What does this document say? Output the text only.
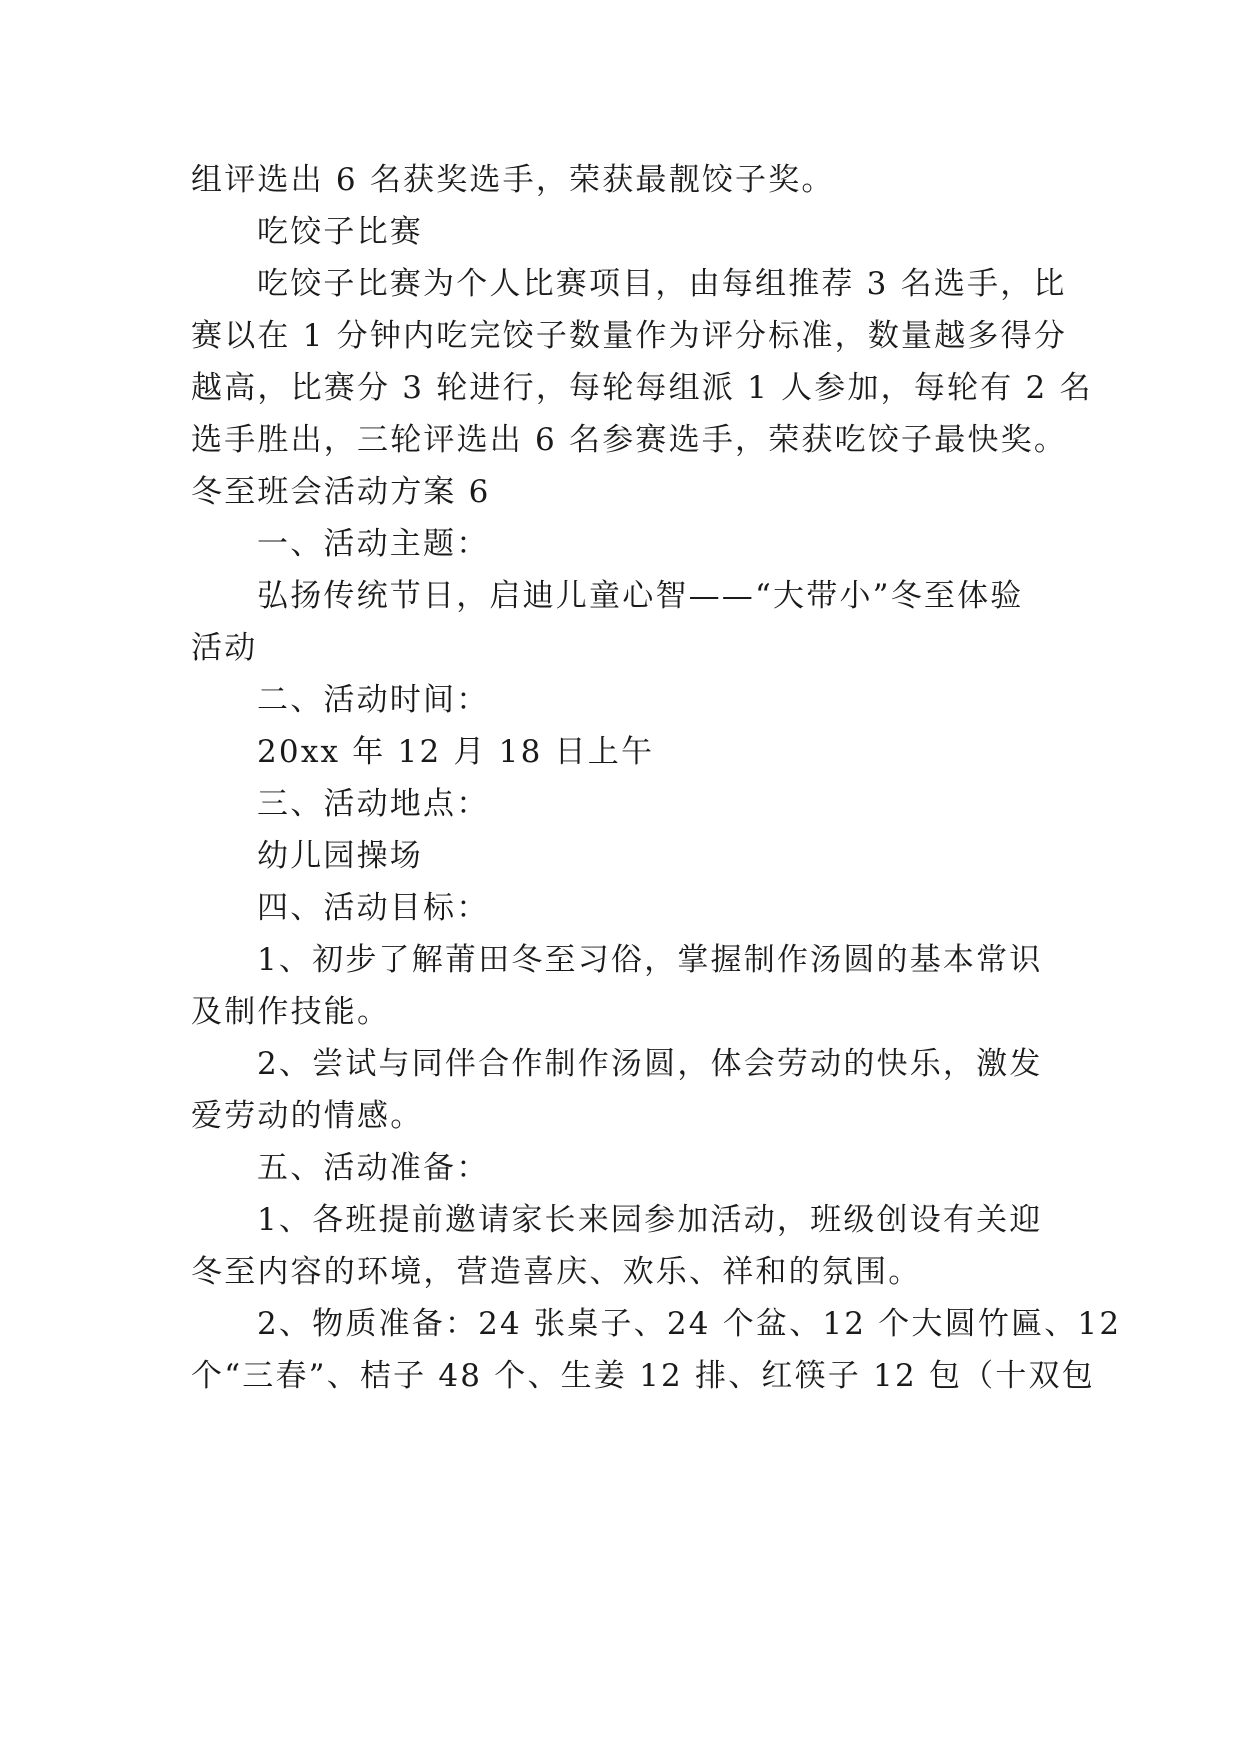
组评选出 6 名获奖选手，荣获最靓饺子奖。
吃饺子比赛
吃饺子比赛为个人比赛项目，由每组推荐 3 名选手，比
赛以在 1 分钟内吃完饺子数量作为评分标准，数量越多得分
越高，比赛分 3 轮进行，每轮每组派 1 人参加，每轮有 2 名
选手胜出，三轮评选出 6 名参赛选手，荣获吃饺子最快奖。
冬至班会活动方案 6
一、活动主题：
弘扬传统节日，启迪儿童心智——“大带小”冬至体验
活动
二、活动时间：
20xx 年 12 月 18 日上午
三、活动地点：
幼儿园操场
四、活动目标：
1、初步了解莆田冬至习俗，掌握制作汤圆的基本常识
及制作技能。
2、尝试与同伴合作制作汤圆，体会劳动的快乐，激发
爱劳动的情感。
五、活动准备：
1、各班提前邀请家长来园参加活动，班级创设有关迎
冬至内容的环境，营造喜庆、欢乐、祥和的氛围。
2、物质准备：24 张桌子、24 个盆、12 个大圆竹匾、12
个“三春”、桔子 48 个、生姜 12 排、红筷子 12 包（十双包
